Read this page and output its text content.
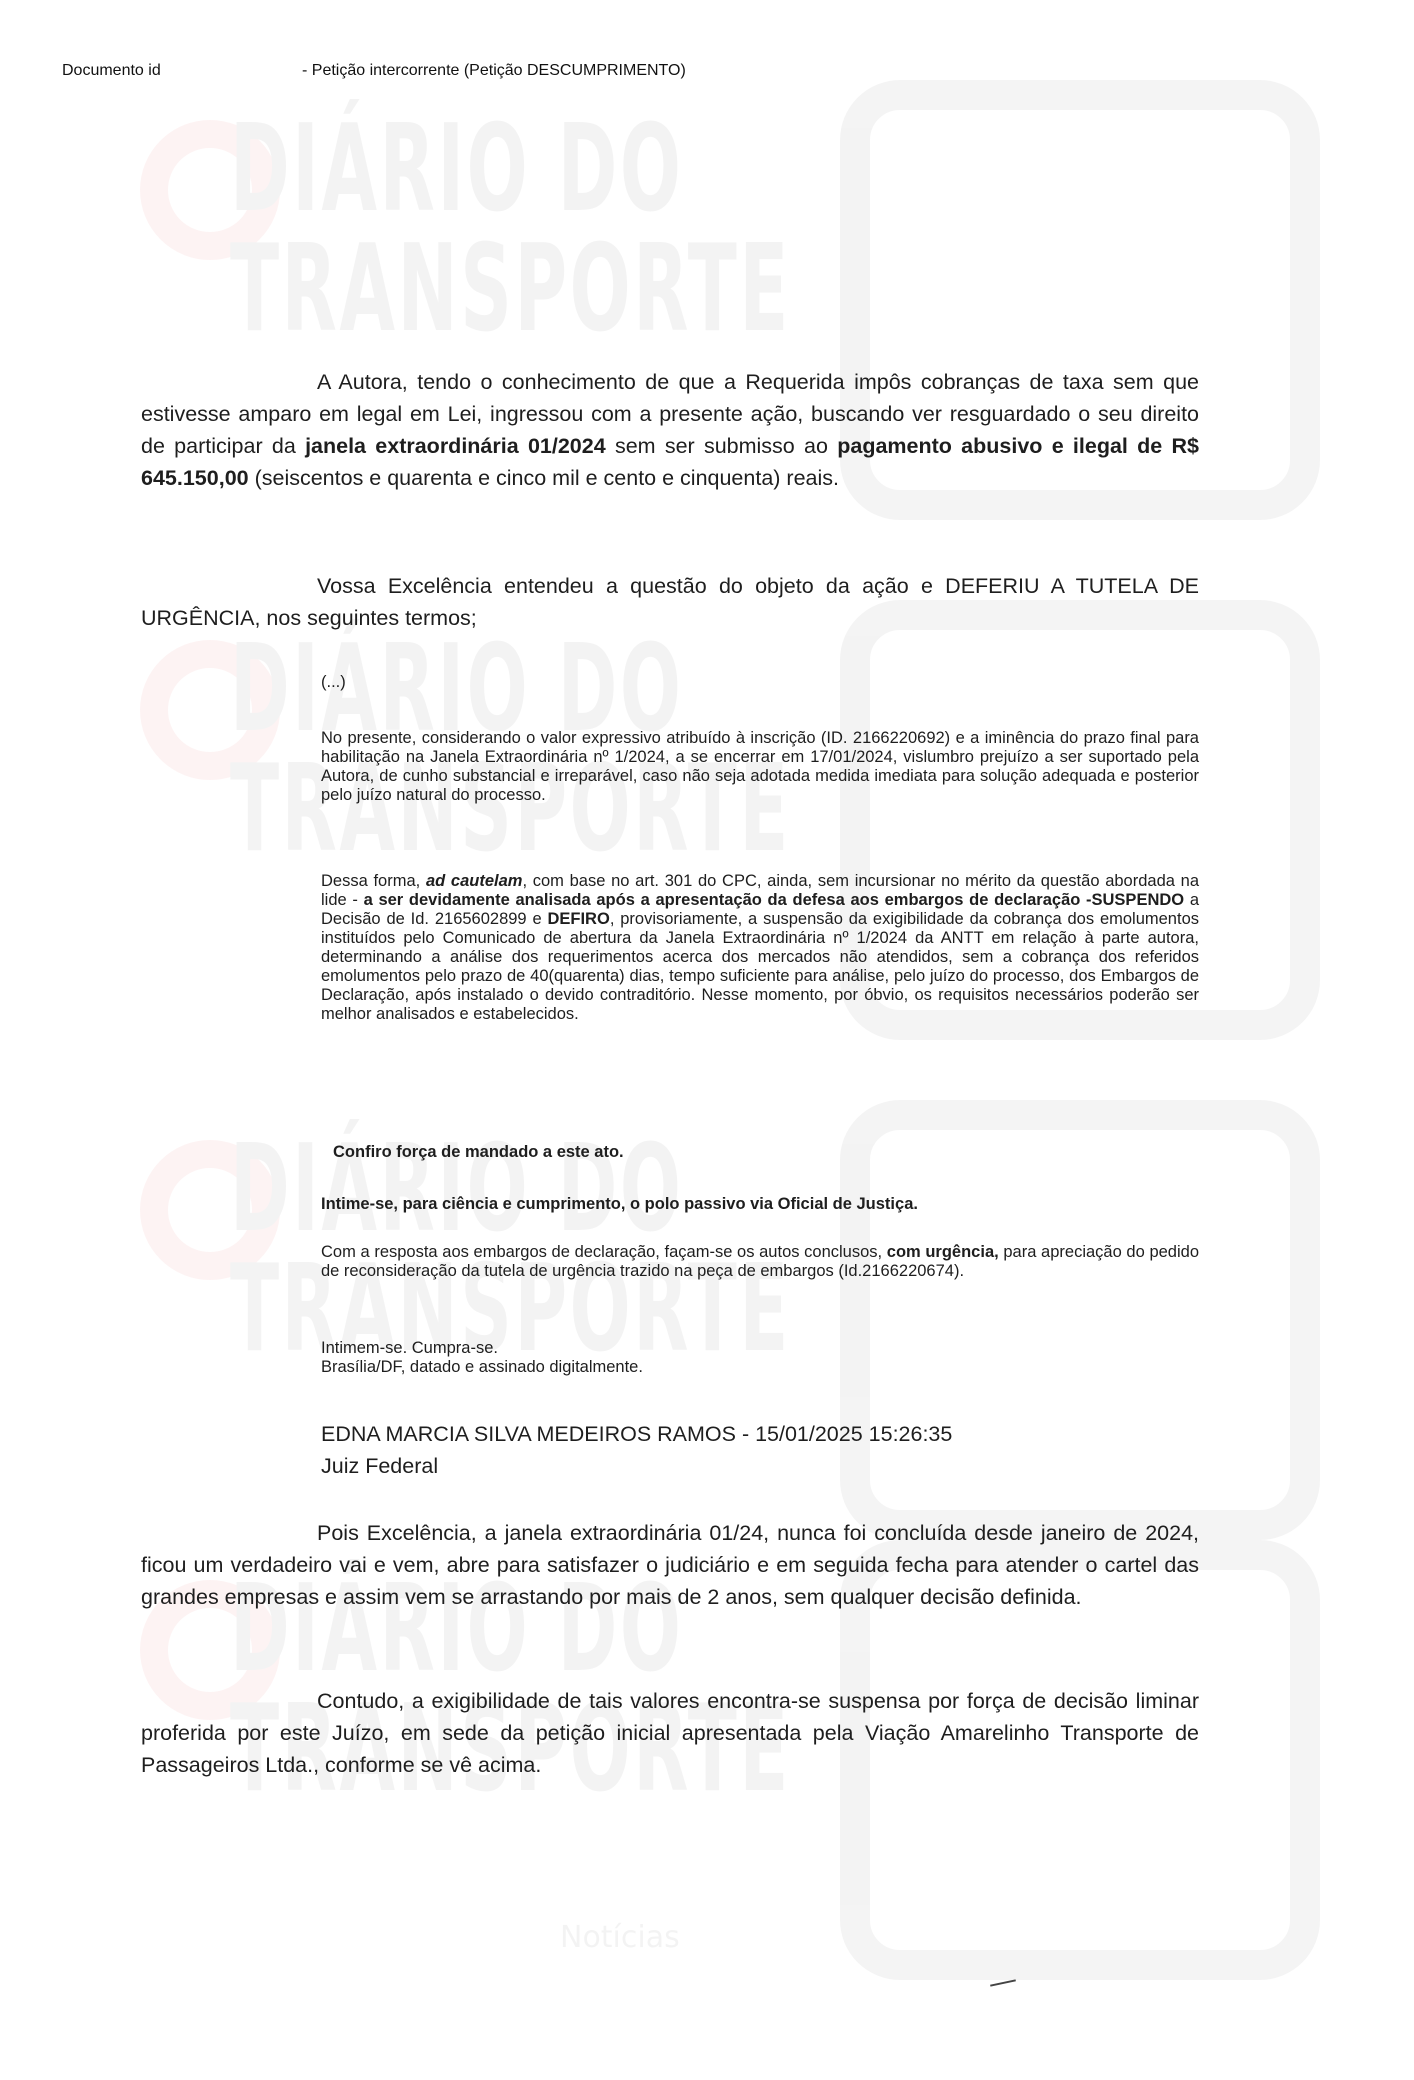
Documento id	- Petição intercorrente (Petição DESCUMPRIMENTO)

A Autora, tendo o conhecimento de que a Requerida impôs cobranças de taxa sem que estivesse amparo em legal em Lei, ingressou com a presente ação, buscando ver resguardado o seu direito de participar da janela extraordinária 01/2024 sem ser submisso ao pagamento abusivo e ilegal de R$ 645.150,00 (seiscentos e quarenta e cinco mil e cento e cinquenta) reais.

Vossa Excelência entendeu a questão do objeto da ação e DEFERIU A TUTELA DE URGÊNCIA, nos seguintes termos;

(...)

No presente, considerando o valor expressivo atribuído à inscrição (ID. 2166220692) e a iminência do prazo final para habilitação na Janela Extraordinária nº 1/2024, a se encerrar em 17/01/2024, vislumbro prejuízo a ser suportado pela Autora, de cunho substancial e irreparável, caso não seja adotada medida imediata para solução adequada e posterior pelo juízo natural do processo.

Dessa forma, ad cautelam, com base no art. 301 do CPC, ainda, sem incursionar no mérito da questão abordada na lide - a ser devidamente analisada após a apresentação da defesa aos embargos de declaração -SUSPENDO a Decisão de Id. 2165602899 e DEFIRO, provisoriamente, a suspensão da exigibilidade da cobrança dos emolumentos instituídos pelo Comunicado de abertura da Janela Extraordinária nº 1/2024 da ANTT em relação à parte autora, determinando a análise dos requerimentos acerca dos mercados não atendidos, sem a cobrança dos referidos emolumentos pelo prazo de 40(quarenta) dias, tempo suficiente para análise, pelo juízo do processo, dos Embargos de Declaração, após instalado o devido contraditório. Nesse momento, por óbvio, os requisitos necessários poderão ser melhor analisados e estabelecidos.

Confiro força de mandado a este ato.

Intime-se, para ciência e cumprimento, o polo passivo via Oficial de Justiça.

Com a resposta aos embargos de declaração, façam-se os autos conclusos, com urgência, para apreciação do pedido de reconsideração da tutela de urgência trazido na peça de embargos (Id.2166220674).

Intimem-se. Cumpra-se.

Brasília/DF, datado e assinado digitalmente.

EDNA MARCIA SILVA MEDEIROS RAMOS - 15/01/2025 15:26:35
Juiz Federal

Pois Excelência, a janela extraordinária 01/24, nunca foi concluída desde janeiro de 2024, ficou um verdadeiro vai e vem, abre para satisfazer o judiciário e em seguida fecha para atender o cartel das grandes empresas e assim vem se arrastando por mais de 2 anos, sem qualquer decisão definida.

Contudo, a exigibilidade de tais valores encontra-se suspensa por força de decisão liminar proferida por este Juízo, em sede da petição inicial apresentada pela Viação Amarelinho Transporte de Passageiros Ltda., conforme se vê acima.
